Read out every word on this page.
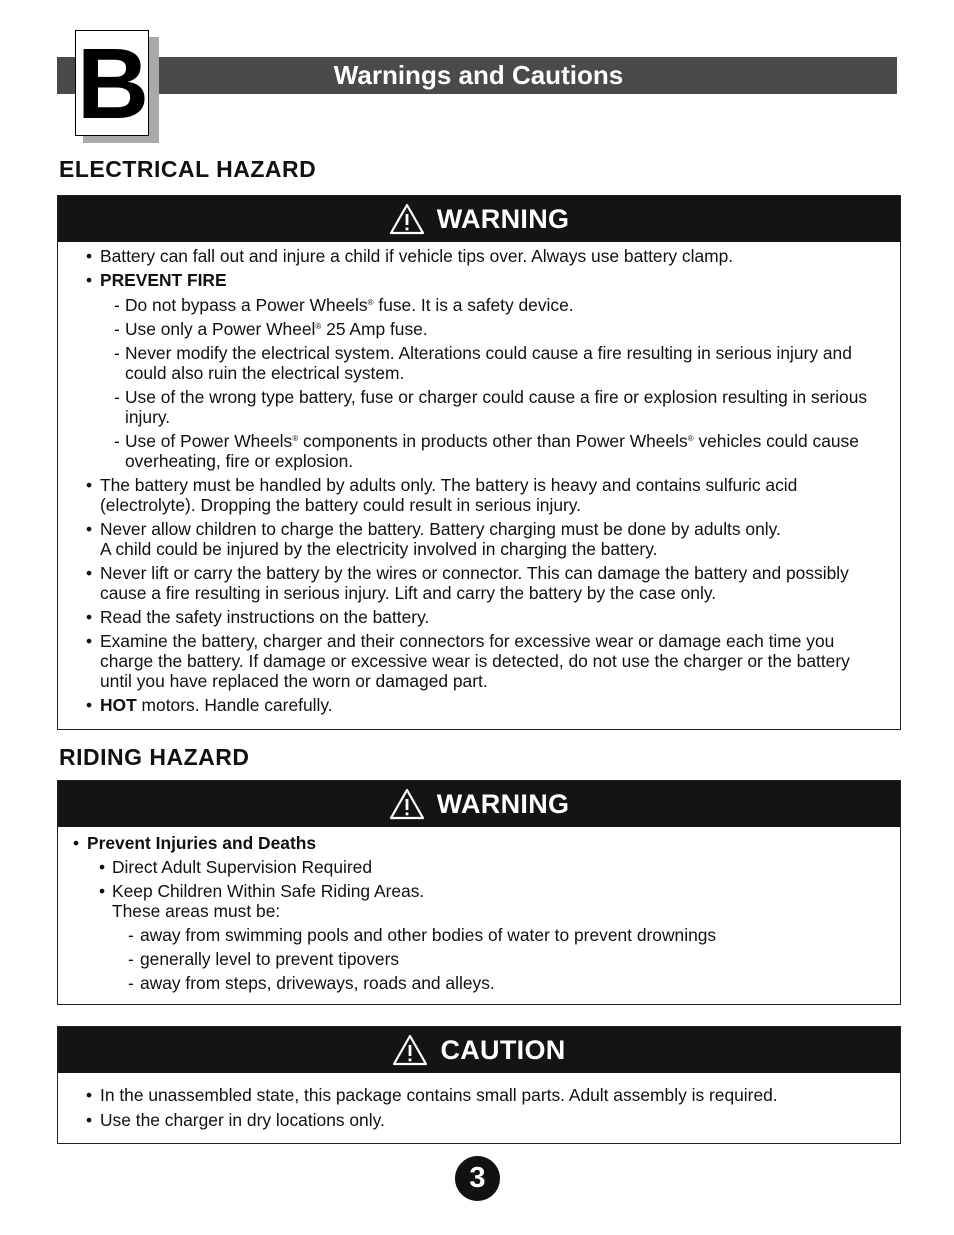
Warnings and Cautions
B
ELECTRICAL HAZARD
WARNING
• Battery can fall out and injure a child if vehicle tips over. Always use battery clamp.
• PREVENT FIRE
- Do not bypass a Power Wheels® fuse. It is a safety device.
- Use only a Power Wheel® 25 Amp fuse.
- Never modify the electrical system. Alterations could cause a fire resulting in serious injury and could also ruin the electrical system.
- Use of the wrong type battery, fuse or charger could cause a fire or explosion resulting in serious injury.
- Use of Power Wheels® components in products other than Power Wheels® vehicles could cause overheating, fire or explosion.
• The battery must be handled by adults only. The battery is heavy and contains sulfuric acid (electrolyte). Dropping the battery could result in serious injury.
• Never allow children to charge the battery. Battery charging must be done by adults only.
A child could be injured by the electricity involved in charging the battery.
• Never lift or carry the battery by the wires or connector. This can damage the battery and possibly cause a fire resulting in serious injury. Lift and carry the battery by the case only.
• Read the safety instructions on the battery.
• Examine the battery, charger and their connectors for excessive wear or damage each time you charge the battery. If damage or excessive wear is detected, do not use the charger or the battery until you have replaced the worn or damaged part.
• HOT motors. Handle carefully.
RIDING HAZARD
WARNING
• Prevent Injuries and Deaths
• Direct Adult Supervision Required
• Keep Children Within Safe Riding Areas.
These areas must be:
- away from swimming pools and other bodies of water to prevent drownings
- generally level to prevent tipovers
- away from steps, driveways, roads and alleys.
CAUTION
• In the unassembled state, this package contains small parts. Adult assembly is required.
• Use the charger in dry locations only.
3
